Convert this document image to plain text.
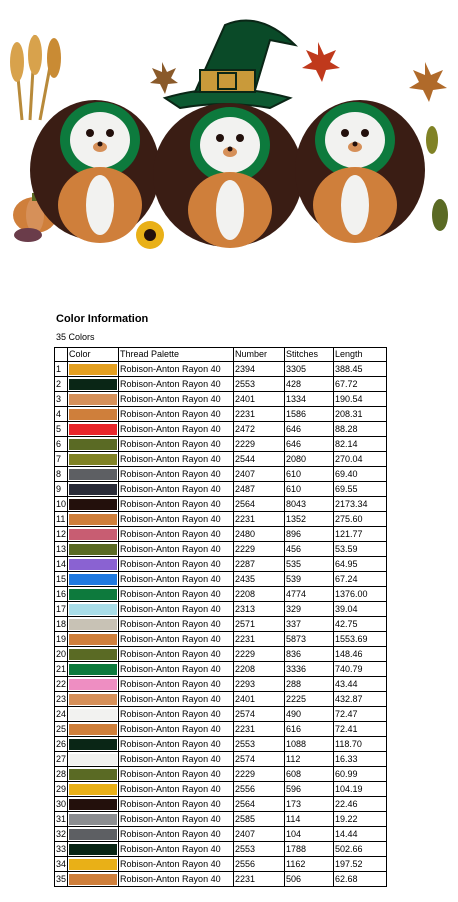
Color Information
35 Colors
	Color	Thread Palette	Number	Stitches	Length
1		Robison-Anton Rayon 40	2394	3305	388.45
2		Robison-Anton Rayon 40	2553	428	67.72
3		Robison-Anton Rayon 40	2401	1334	190.54
4		Robison-Anton Rayon 40	2231	1586	208.31
5		Robison-Anton Rayon 40	2472	646	88.28
6		Robison-Anton Rayon 40	2229	646	82.14
7		Robison-Anton Rayon 40	2544	2080	270.04
8		Robison-Anton Rayon 40	2407	610	69.40
9		Robison-Anton Rayon 40	2487	610	69.55
10		Robison-Anton Rayon 40	2564	8043	2173.34
11		Robison-Anton Rayon 40	2231	1352	275.60
12		Robison-Anton Rayon 40	2480	896	121.77
13		Robison-Anton Rayon 40	2229	456	53.59
14		Robison-Anton Rayon 40	2287	535	64.95
15		Robison-Anton Rayon 40	2435	539	67.24
16		Robison-Anton Rayon 40	2208	4774	1376.00
17		Robison-Anton Rayon 40	2313	329	39.04
18		Robison-Anton Rayon 40	2571	337	42.75
19		Robison-Anton Rayon 40	2231	5873	1553.69
20		Robison-Anton Rayon 40	2229	836	148.46
21		Robison-Anton Rayon 40	2208	3336	740.79
22		Robison-Anton Rayon 40	2293	288	43.44
23		Robison-Anton Rayon 40	2401	2225	432.87
24		Robison-Anton Rayon 40	2574	490	72.47
25		Robison-Anton Rayon 40	2231	616	72.41
26		Robison-Anton Rayon 40	2553	1088	118.70
27		Robison-Anton Rayon 40	2574	112	16.33
28		Robison-Anton Rayon 40	2229	608	60.99
29		Robison-Anton Rayon 40	2556	596	104.19
30		Robison-Anton Rayon 40	2564	173	22.46
31		Robison-Anton Rayon 40	2585	114	19.22
32		Robison-Anton Rayon 40	2407	104	14.44
33		Robison-Anton Rayon 40	2553	1788	502.66
34		Robison-Anton Rayon 40	2556	1162	197.52
35		Robison-Anton Rayon 40	2231	506	62.68
